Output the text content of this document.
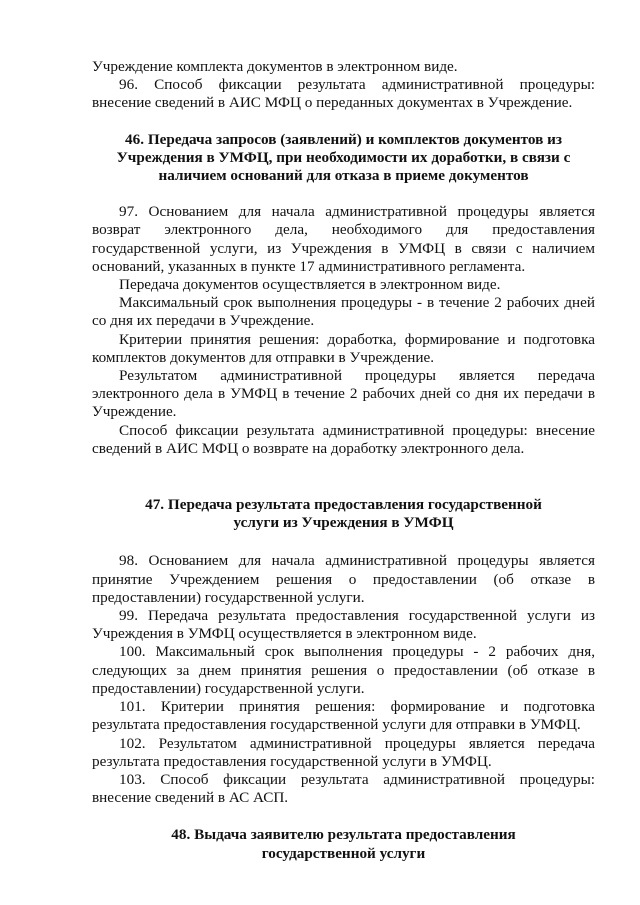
Учреждение комплекта документов в электронном виде.

96. Способ фиксации результата административной процедуры: внесение сведений в АИС МФЦ о переданных документах в Учреждение.

46. Передача запросов (заявлений) и комплектов документов из
Учреждения в УМФЦ, при необходимости их доработки, в связи с
наличием оснований для отказа в приеме документов

97. Основанием для начала административной процедуры является возврат электронного дела, необходимого для предоставления государственной услуги, из Учреждения в УМФЦ в связи с наличием оснований, указанных в пункте 17 административного регламента.

Передача документов осуществляется в электронном виде.

Максимальный срок выполнения процедуры - в течение 2 рабочих дней со дня их передачи в Учреждение.

Критерии принятия решения: доработка, формирование и подготовка комплектов документов для отправки в Учреждение.

Результатом административной процедуры является передача электронного дела в УМФЦ в течение 2 рабочих дней со дня их передачи в Учреждение.

Способ фиксации результата административной процедуры: внесение сведений в АИС МФЦ о возврате на доработку электронного дела.

47. Передача результата предоставления государственной
услуги из Учреждения в УМФЦ

98. Основанием для начала административной процедуры является принятие Учреждением решения о предоставлении (об отказе в предоставлении) государственной услуги.

99. Передача результата предоставления государственной услуги из Учреждения в УМФЦ осуществляется в электронном виде.

100. Максимальный срок выполнения процедуры - 2 рабочих дня, следующих за днем принятия решения о предоставлении (об отказе в предоставлении) государственной услуги.

101. Критерии принятия решения: формирование и подготовка результата предоставления государственной услуги для отправки в УМФЦ.

102. Результатом административной процедуры является передача результата предоставления государственной услуги в УМФЦ.

103. Способ фиксации результата административной процедуры: внесение сведений в АС АСП.

48. Выдача заявителю результата предоставления
государственной услуги
